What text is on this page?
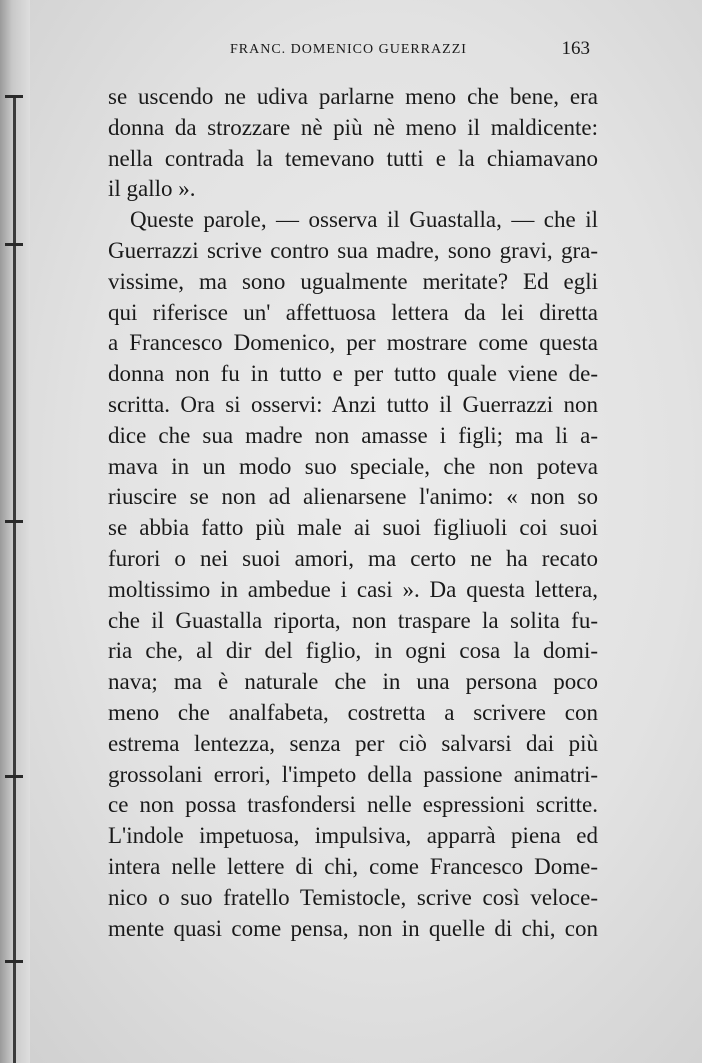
FRANC. DOMENICO GUERRAZZI	163
se uscendo ne udiva parlarne meno che bene, era
donna da strozzare nè più nè meno il maldicente:
nella contrada la temevano tutti e la chiamavano
il gallo ».
Queste parole, — osserva il Guastalla, — che il
Guerrazzi scrive contro sua madre, sono gravi, gra-
vissime, ma sono ugualmente meritate? Ed egli
qui riferisce un' affettuosa lettera da lei diretta
a Francesco Domenico, per mostrare come questa
donna non fu in tutto e per tutto quale viene de-
scritta. Ora si osservi: Anzi tutto il Guerrazzi non
dice che sua madre non amasse i figli; ma li a-
mava in un modo suo speciale, che non poteva
riuscire se non ad alienarsene l'animo: « non so
se abbia fatto più male ai suoi figliuoli coi suoi
furori o nei suoi amori, ma certo ne ha recato
moltissimo in ambedue i casi ». Da questa lettera,
che il Guastalla riporta, non traspare la solita fu-
ria che, al dir del figlio, in ogni cosa la domi-
nava; ma è naturale che in una persona poco
meno che analfabeta, costretta a scrivere con
estrema lentezza, senza per ciò salvarsi dai più
grossolani errori, l'impeto della passione animatri-
ce non possa trasfondersi nelle espressioni scritte.
L'indole impetuosa, impulsiva, apparrà piena ed
intera nelle lettere di chi, come Francesco Dome-
nico o suo fratello Temistocle, scrive così veloce-
mente quasi come pensa, non in quelle di chi, con
